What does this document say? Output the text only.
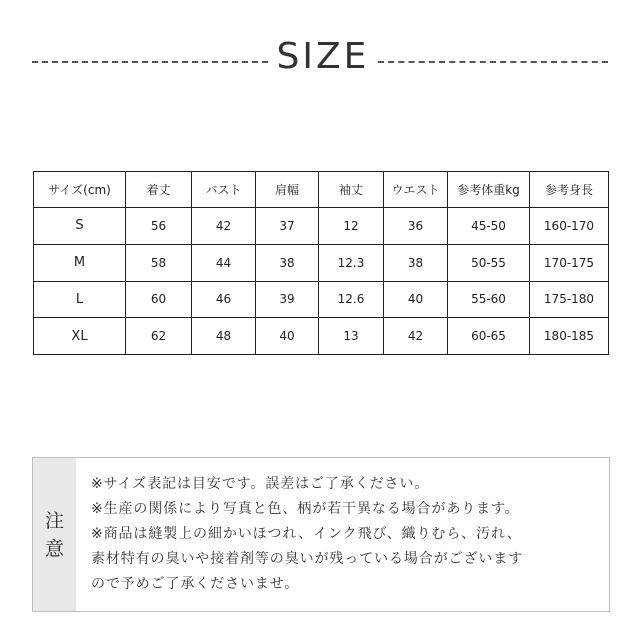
SIZE
サイズ(cm)	着丈	バスト	肩幅	袖丈	ウエスト	参考体重kg	参考身長
S	56	42	37	12	36	45-50	160-170
M	58	44	38	12.3	38	50-55	170-175
L	60	46	39	12.6	40	55-60	175-180
XL	62	48	40	13	42	60-65	180-185
注
意
※サイズ表記は目安です。誤差はご了承ください。
※生産の関係により写真と色、柄が若干異なる場合があります。
※商品は縫製上の細かいほつれ、インク飛び、織りむら、汚れ、
素材特有の臭いや接着剤等の臭いが残っている場合がございます
ので予めご了承くださいませ。
